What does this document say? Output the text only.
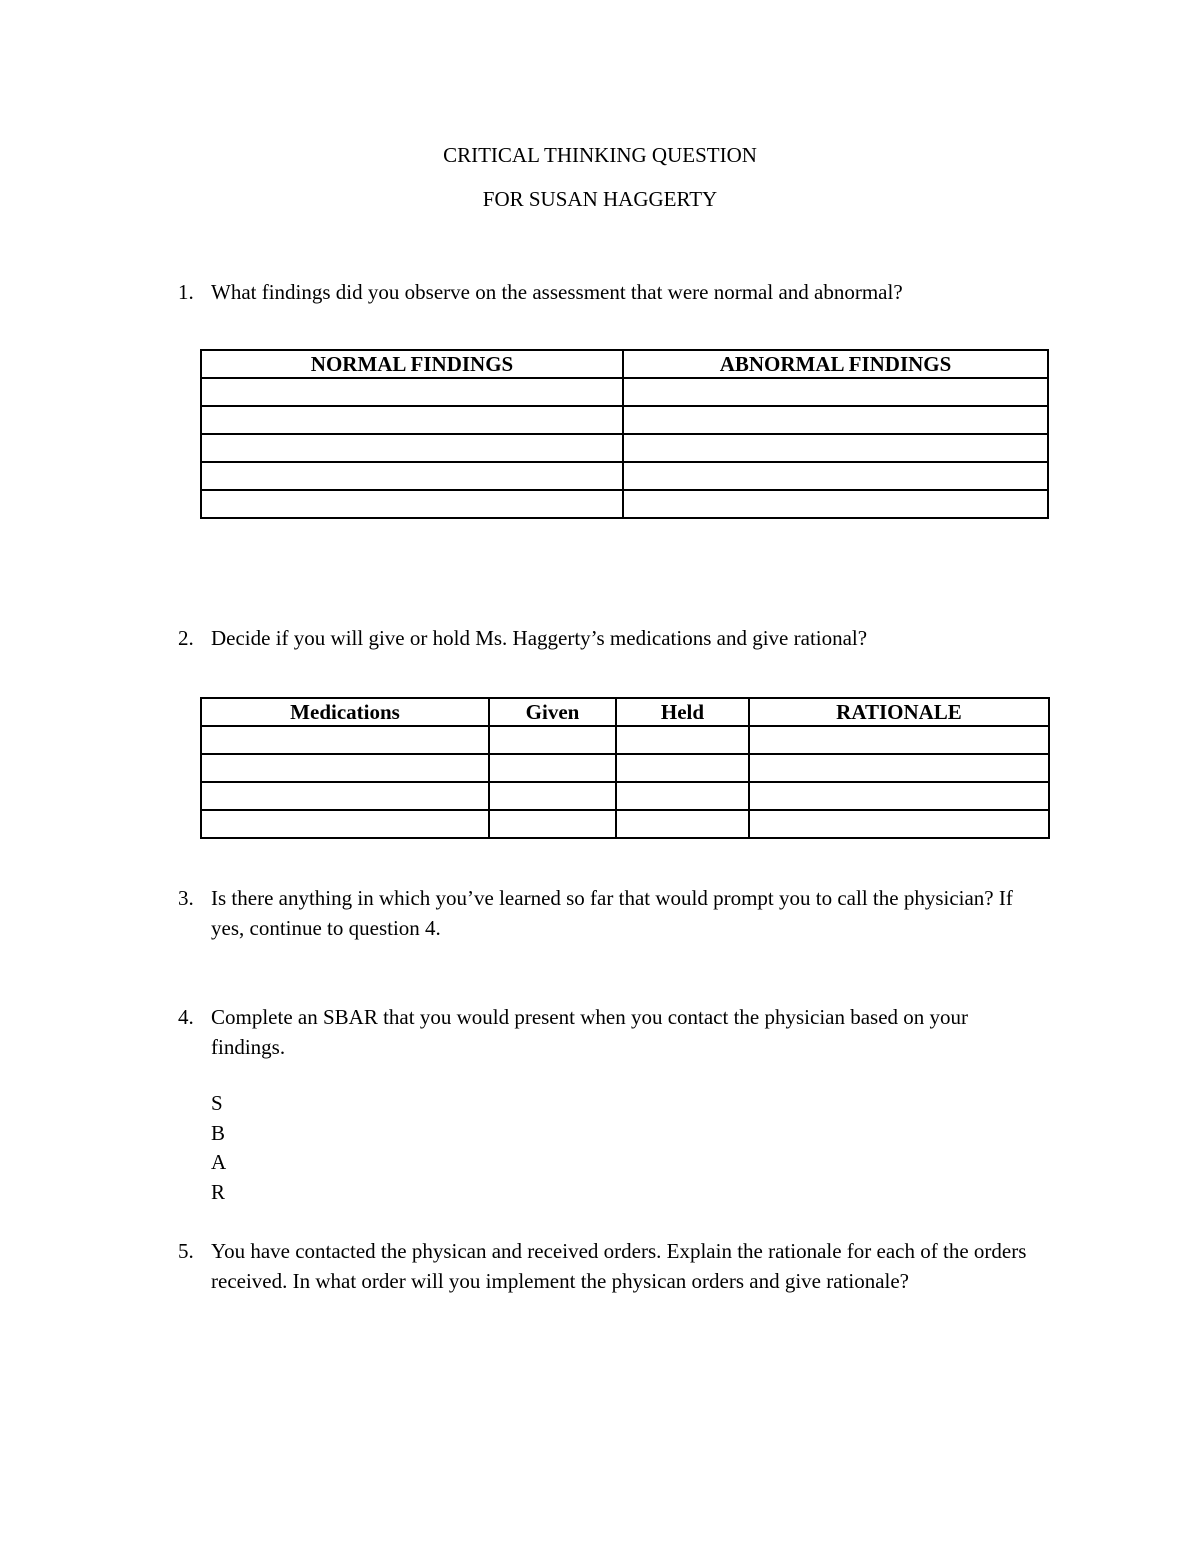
CRITICAL THINKING QUESTION
FOR SUSAN HAGGERTY
1. What findings did you observe on the assessment that were normal and abnormal?
NORMAL FINDINGS	ABNORMAL FINDINGS

2. Decide if you will give or hold Ms. Haggerty’s medications and give rational?
Medications	Given	Held	RATIONALE

3. Is there anything in which you’ve learned so far that would prompt you to call the physician? If yes, continue to question 4.
4. Complete an SBAR that you would present when you contact the physician based on your findings.
S
B
A
R
5. You have contacted the physican and received orders. Explain the rationale for each of the orders received. In what order will you implement the physican orders and give rationale?
